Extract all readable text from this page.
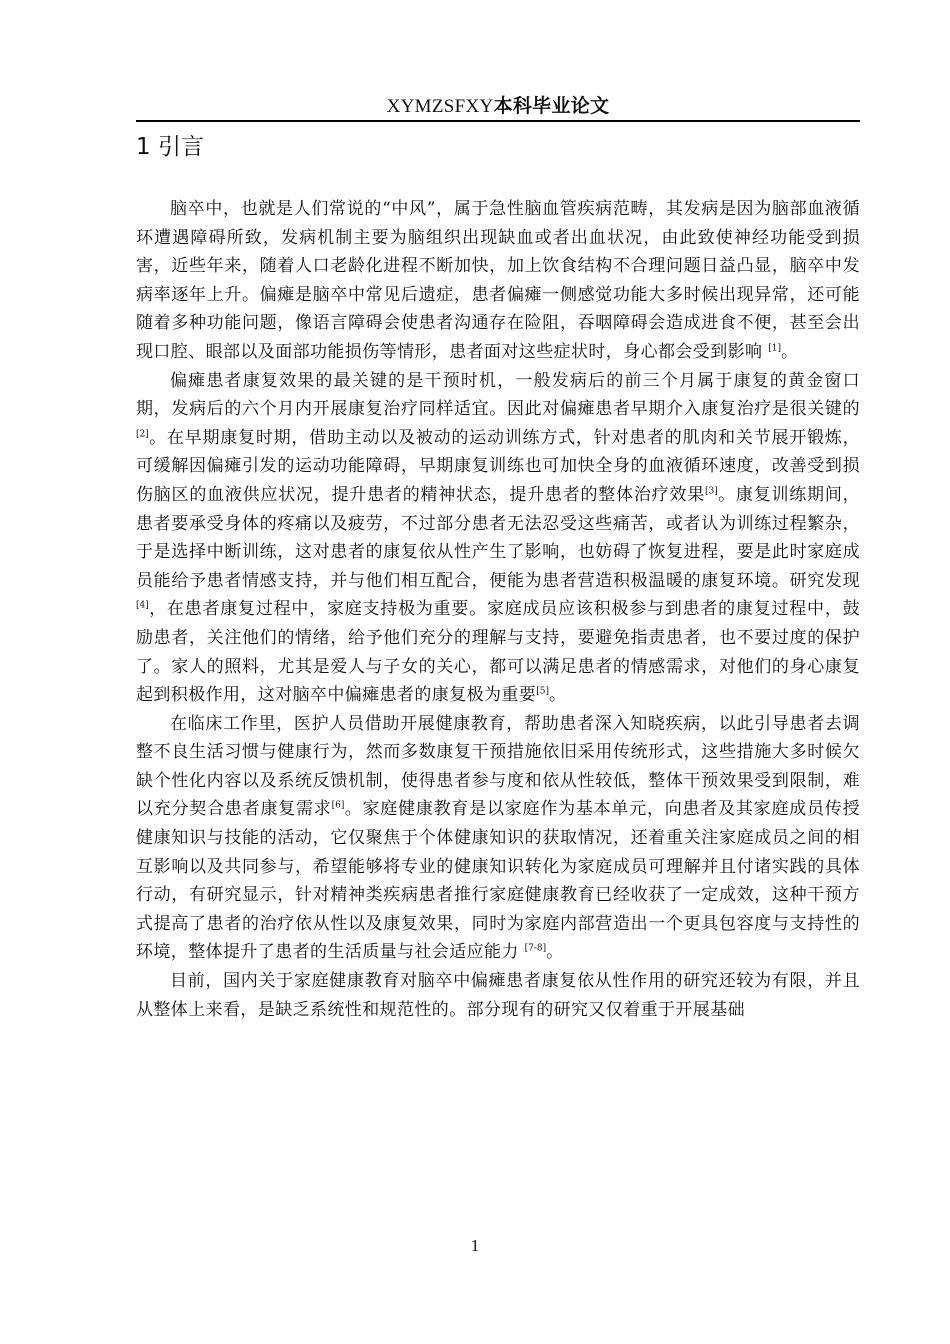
XYMZSFXY本科毕业论文
1 引言

脑卒中，也就是人们常说的“中风”，属于急性脑血管疾病范畴，其发病是因为脑部血液循环遭遇障碍所致，发病机制主要为脑组织出现缺血或者出血状况，由此致使神经功能受到损害，近些年来，随着人口老龄化进程不断加快，加上饮食结构不合理问题日益凸显，脑卒中发病率逐年上升。偏瘫是脑卒中常见后遗症，患者偏瘫一侧感觉功能大多时候出现异常，还可能随着多种功能问题，像语言障碍会使患者沟通存在险阻，吞咽障碍会造成进食不便，甚至会出现口腔、眼部以及面部功能损伤等情形，患者面对这些症状时，身心都会受到影响 [1]。

偏瘫患者康复效果的最关键的是干预时机，一般发病后的前三个月属于康复的黄金窗口期，发病后的六个月内开展康复治疗同样适宜。因此对偏瘫患者早期介入康复治疗是很关键的[2]。在早期康复时期，借助主动以及被动的运动训练方式，针对患者的肌肉和关节展开锻炼，可缓解因偏瘫引发的运动功能障碍，早期康复训练也可加快全身的血液循环速度，改善受到损伤脑区的血液供应状况，提升患者的精神状态，提升患者的整体治疗效果[3]。康复训练期间，患者要承受身体的疼痛以及疲劳，不过部分患者无法忍受这些痛苦，或者认为训练过程繁杂，于是选择中断训练，这对患者的康复依从性产生了影响，也妨碍了恢复进程，要是此时家庭成员能给予患者情感支持，并与他们相互配合，便能为患者营造积极温暖的康复环境。研究发现[4]，在患者康复过程中，家庭支持极为重要。家庭成员应该积极参与到患者的康复过程中，鼓励患者，关注他们的情绪，给予他们充分的理解与支持，要避免指责患者，也不要过度的保护了。家人的照料，尤其是爱人与子女的关心，都可以满足患者的情感需求，对他们的身心康复起到积极作用，这对脑卒中偏瘫患者的康复极为重要[5]。

在临床工作里，医护人员借助开展健康教育，帮助患者深入知晓疾病，以此引导患者去调整不良生活习惯与健康行为，然而多数康复干预措施依旧采用传统形式，这些措施大多时候欠缺个性化内容以及系统反馈机制，使得患者参与度和依从性较低，整体干预效果受到限制，难以充分契合患者康复需求[6]。家庭健康教育是以家庭作为基本单元，向患者及其家庭成员传授健康知识与技能的活动，它仅聚焦于个体健康知识的获取情况，还着重关注家庭成员之间的相互影响以及共同参与，希望能够将专业的健康知识转化为家庭成员可理解并且付诸实践的具体行动，有研究显示，针对精神类疾病患者推行家庭健康教育已经收获了一定成效，这种干预方式提高了患者的治疗依从性以及康复效果，同时为家庭内部营造出一个更具包容度与支持性的环境，整体提升了患者的生活质量与社会适应能力 [7-8]。

目前，国内关于家庭健康教育对脑卒中偏瘫患者康复依从性作用的研究还较为有限，并且从整体上来看，是缺乏系统性和规范性的。部分现有的研究又仅着重于开展基础

1
